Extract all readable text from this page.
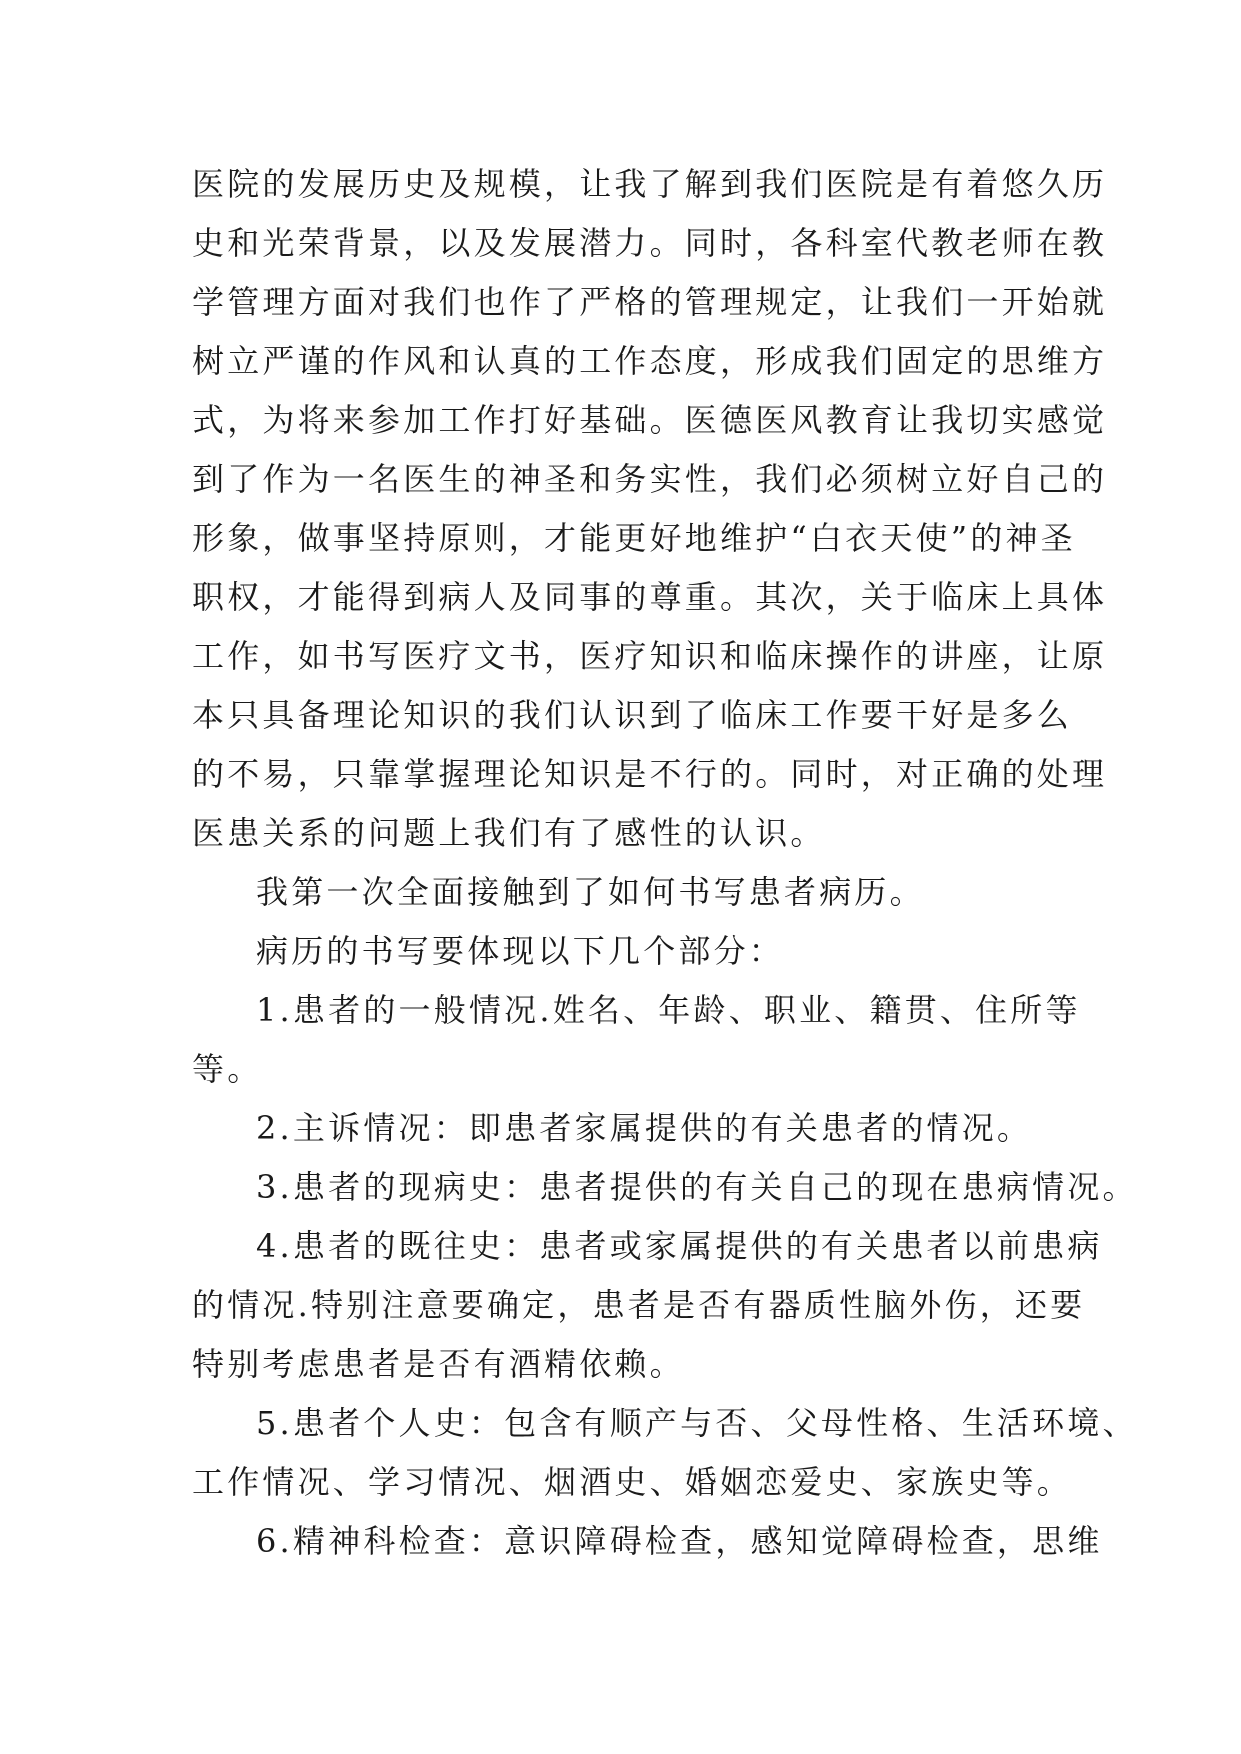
医院的发展历史及规模，让我了解到我们医院是有着悠久历
史和光荣背景，以及发展潜力。同时，各科室代教老师在教
学管理方面对我们也作了严格的管理规定，让我们一开始就
树立严谨的作风和认真的工作态度，形成我们固定的思维方
式，为将来参加工作打好基础。医德医风教育让我切实感觉
到了作为一名医生的神圣和务实性，我们必须树立好自己的
形象，做事坚持原则，才能更好地维护“白衣天使”的神圣
职权，才能得到病人及同事的尊重。其次，关于临床上具体
工作，如书写医疗文书，医疗知识和临床操作的讲座，让原
本只具备理论知识的我们认识到了临床工作要干好是多么
的不易，只靠掌握理论知识是不行的。同时，对正确的处理
医患关系的问题上我们有了感性的认识。
我第一次全面接触到了如何书写患者病历。
病历的书写要体现以下几个部分：
1.患者的一般情况.姓名、年龄、职业、籍贯、住所等
等。
2.主诉情况：即患者家属提供的有关患者的情况。
3.患者的现病史：患者提供的有关自己的现在患病情况。
4.患者的既往史：患者或家属提供的有关患者以前患病
的情况.特别注意要确定，患者是否有器质性脑外伤，还要
特别考虑患者是否有酒精依赖。
5.患者个人史：包含有顺产与否、父母性格、生活环境、
工作情况、学习情况、烟酒史、婚姻恋爱史、家族史等。
6.精神科检查：意识障碍检查，感知觉障碍检查，思维
